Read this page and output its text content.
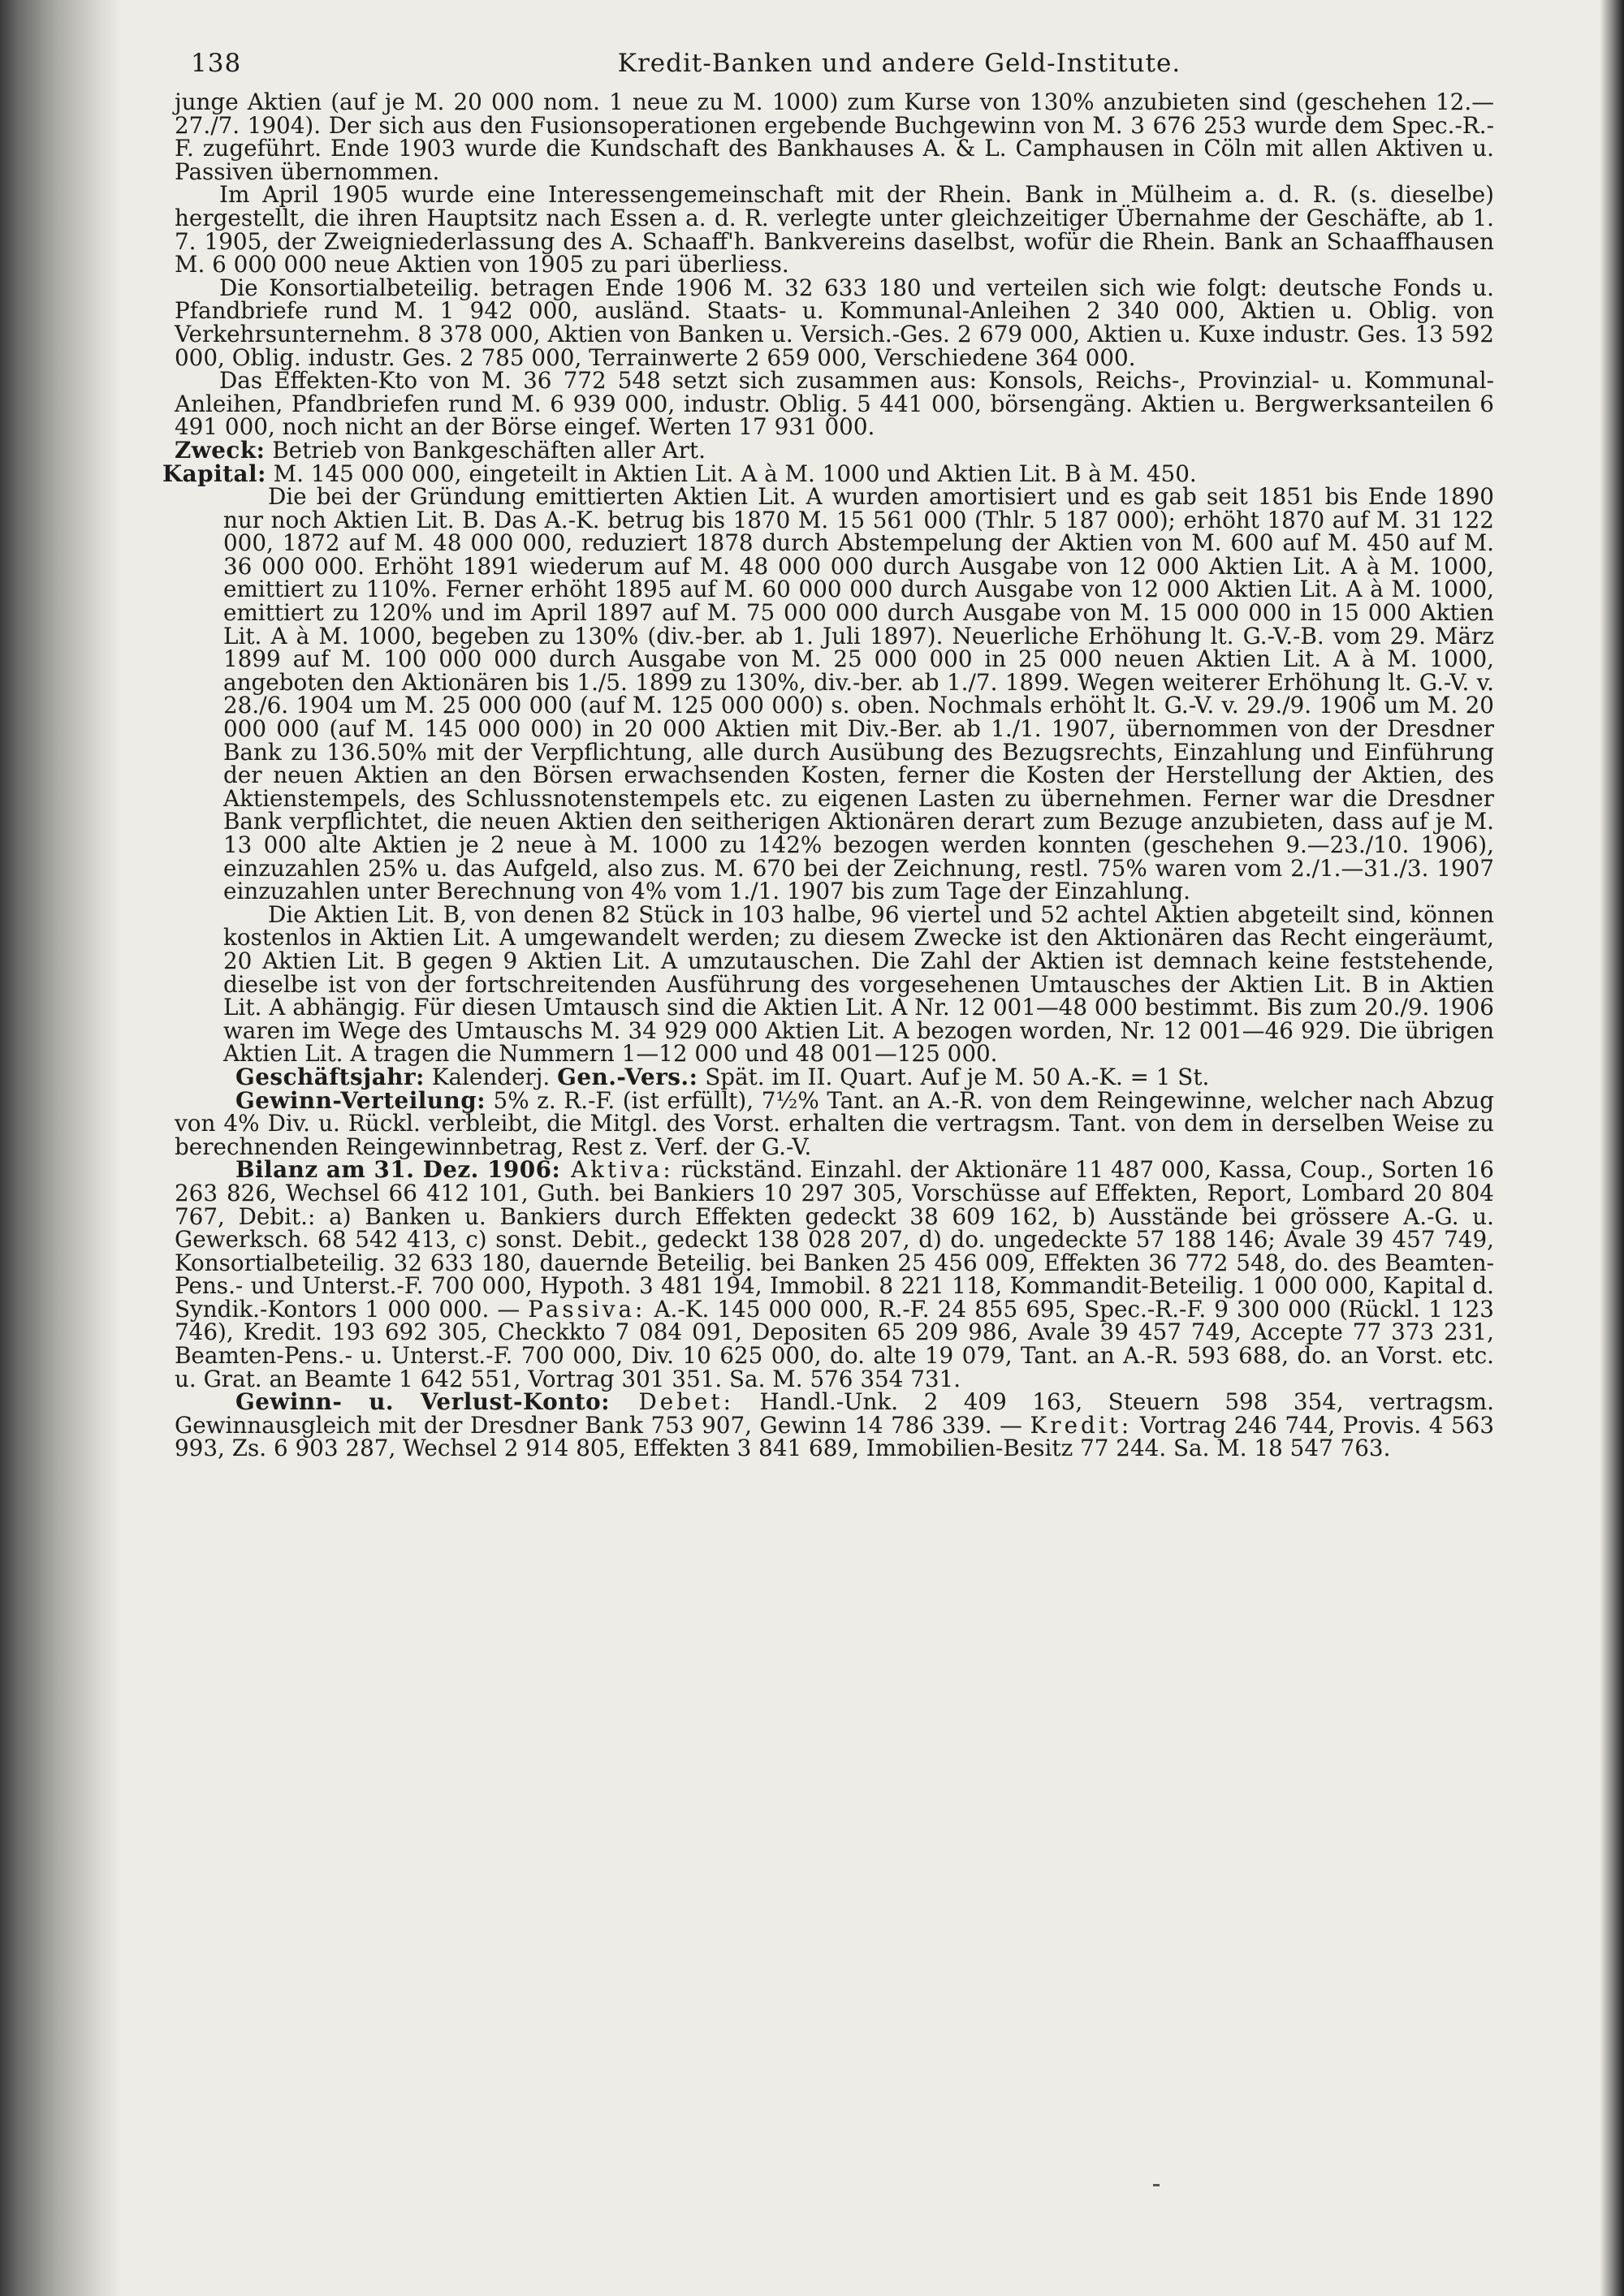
138	Kredit-Banken und andere Geld-Institute.

junge Aktien (auf je M. 20 000 nom. 1 neue zu M. 1000) zum Kurse von 130% anzubieten sind (geschehen 12.—27./7. 1904). Der sich aus den Fusionsoperationen ergebende Buchgewinn von M. 3 676 253 wurde dem Spec.-R.-F. zugeführt. Ende 1903 wurde die Kundschaft des Bankhauses A. & L. Camphausen in Cöln mit allen Aktiven u. Passiven übernommen.

Im April 1905 wurde eine Interessengemeinschaft mit der Rhein. Bank in Mülheim a. d. R. (s. dieselbe) hergestellt, die ihren Hauptsitz nach Essen a. d. R. verlegte unter gleichzeitiger Übernahme der Geschäfte, ab 1. 7. 1905, der Zweigniederlassung des A. Schaaff'h. Bankvereins daselbst, wofür die Rhein. Bank an Schaaffhausen M. 6 000 000 neue Aktien von 1905 zu pari überliess.

Die Konsortialbeteilig. betragen Ende 1906 M. 32 633 180 und verteilen sich wie folgt: deutsche Fonds u. Pfandbriefe rund M. 1 942 000, ausländ. Staats- u. Kommunal-Anleihen 2 340 000, Aktien u. Oblig. von Verkehrsunternehm. 8 378 000, Aktien von Banken u. Versich.-Ges. 2 679 000, Aktien u. Kuxe industr. Ges. 13 592 000, Oblig. industr. Ges. 2 785 000, Terrainwerte 2 659 000, Verschiedene 364 000.

Das Effekten-Kto von M. 36 772 548 setzt sich zusammen aus: Konsols, Reichs-, Provinzial- u. Kommunal-Anleihen, Pfandbriefen rund M. 6 939 000, industr. Oblig. 5 441 000, börsengäng. Aktien u. Bergwerksanteilen 6 491 000, noch nicht an der Börse eingef. Werten 17 931 000.

Zweck: Betrieb von Bankgeschäften aller Art.

Kapital: M. 145 000 000, eingeteilt in Aktien Lit. A à M. 1000 und Aktien Lit. B à M. 450.

Die bei der Gründung emittierten Aktien Lit. A wurden amortisiert und es gab seit 1851 bis Ende 1890 nur noch Aktien Lit. B. Das A.-K. betrug bis 1870 M. 15 561 000 (Thlr. 5 187 000); erhöht 1870 auf M. 31 122 000, 1872 auf M. 48 000 000, reduziert 1878 durch Abstempelung der Aktien von M. 600 auf M. 450 auf M. 36 000 000. Erhöht 1891 wiederum auf M. 48 000 000 durch Ausgabe von 12 000 Aktien Lit. A à M. 1000, emittiert zu 110%. Ferner erhöht 1895 auf M. 60 000 000 durch Ausgabe von 12 000 Aktien Lit. A à M. 1000, emittiert zu 120% und im April 1897 auf M. 75 000 000 durch Ausgabe von M. 15 000 000 in 15 000 Aktien Lit. A à M. 1000, begeben zu 130% (div.-ber. ab 1. Juli 1897). Neuerliche Erhöhung lt. G.-V.-B. vom 29. März 1899 auf M. 100 000 000 durch Ausgabe von M. 25 000 000 in 25 000 neuen Aktien Lit. A à M. 1000, angeboten den Aktionären bis 1./5. 1899 zu 130%, div.-ber. ab 1./7. 1899. Wegen weiterer Erhöhung lt. G.-V. v. 28./6. 1904 um M. 25 000 000 (auf M. 125 000 000) s. oben. Nochmals erhöht lt. G.-V. v. 29./9. 1906 um M. 20 000 000 (auf M. 145 000 000) in 20 000 Aktien mit Div.-Ber. ab 1./1. 1907, übernommen von der Dresdner Bank zu 136.50% mit der Verpflichtung, alle durch Ausübung des Bezugsrechts, Einzahlung und Einführung der neuen Aktien an den Börsen erwachsenden Kosten, ferner die Kosten der Herstellung der Aktien, des Aktienstempels, des Schlussnotenstempels etc. zu eigenen Lasten zu übernehmen. Ferner war die Dresdner Bank verpflichtet, die neuen Aktien den seitherigen Aktionären derart zum Bezuge anzubieten, dass auf je M. 13 000 alte Aktien je 2 neue à M. 1000 zu 142% bezogen werden konnten (geschehen 9.—23./10. 1906), einzuzahlen 25% u. das Aufgeld, also zus. M. 670 bei der Zeichnung, restl. 75% waren vom 2./1.—31./3. 1907 einzuzahlen unter Berechnung von 4% vom 1./1. 1907 bis zum Tage der Einzahlung.

Die Aktien Lit. B, von denen 82 Stück in 103 halbe, 96 viertel und 52 achtel Aktien abgeteilt sind, können kostenlos in Aktien Lit. A umgewandelt werden; zu diesem Zwecke ist den Aktionären das Recht eingeräumt, 20 Aktien Lit. B gegen 9 Aktien Lit. A umzutauschen. Die Zahl der Aktien ist demnach keine feststehende, dieselbe ist von der fortschreitenden Ausführung des vorgesehenen Umtausches der Aktien Lit. B in Aktien Lit. A abhängig. Für diesen Umtausch sind die Aktien Lit. A Nr. 12 001—48 000 bestimmt. Bis zum 20./9. 1906 waren im Wege des Umtauschs M. 34 929 000 Aktien Lit. A bezogen worden, Nr. 12 001—46 929. Die übrigen Aktien Lit. A tragen die Nummern 1—12 000 und 48 001—125 000.

Geschäftsjahr: Kalenderj. Gen.-Vers.: Spät. im II. Quart. Auf je M. 50 A.-K. = 1 St.

Gewinn-Verteilung: 5% z. R.-F. (ist erfüllt), 7½% Tant. an A.-R. von dem Reingewinne, welcher nach Abzug von 4% Div. u. Rückl. verbleibt, die Mitgl. des Vorst. erhalten die vertragsm. Tant. von dem in derselben Weise zu berechnenden Reingewinnbetrag, Rest z. Verf. der G.-V.

Bilanz am 31. Dez. 1906: Aktiva: rückständ. Einzahl. der Aktionäre 11 487 000, Kassa, Coup., Sorten 16 263 826, Wechsel 66 412 101, Guth. bei Bankiers 10 297 305, Vorschüsse auf Effekten, Report, Lombard 20 804 767, Debit.: a) Banken u. Bankiers durch Effekten gedeckt 38 609 162, b) Ausstände bei grössere A.-G. u. Gewerksch. 68 542 413, c) sonst. Debit., gedeckt 138 028 207, d) do. ungedeckte 57 188 146; Avale 39 457 749, Konsortialbeteilig. 32 633 180, dauernde Beteilig. bei Banken 25 456 009, Effekten 36 772 548, do. des Beamten-Pens.- und Unterst.-F. 700 000, Hypoth. 3 481 194, Immobil. 8 221 118, Kommandit-Beteilig. 1 000 000, Kapital d. Syndik.-Kontors 1 000 000. — Passiva: A.-K. 145 000 000, R.-F. 24 855 695, Spec.-R.-F. 9 300 000 (Rückl. 1 123 746), Kredit. 193 692 305, Checkkto 7 084 091, Depositen 65 209 986, Avale 39 457 749, Accepte 77 373 231, Beamten-Pens.- u. Unterst.-F. 700 000, Div. 10 625 000, do. alte 19 079, Tant. an A.-R. 593 688, do. an Vorst. etc. u. Grat. an Beamte 1 642 551, Vortrag 301 351. Sa. M. 576 354 731.

Gewinn- u. Verlust-Konto: Debet: Handl.-Unk. 2 409 163, Steuern 598 354, vertragsm. Gewinnausgleich mit der Dresdner Bank 753 907, Gewinn 14 786 339. — Kredit: Vortrag 246 744, Provis. 4 563 993, Zs. 6 903 287, Wechsel 2 914 805, Effekten 3 841 689, Immobilien-Besitz 77 244. Sa. M. 18 547 763.
